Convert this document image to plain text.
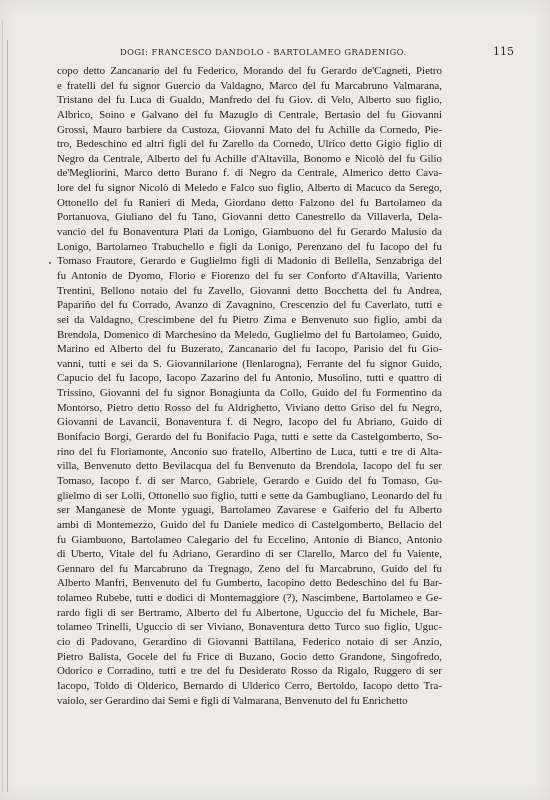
DOGI: FRANCESCO DANDOLO - BARTOLAMEO GRADENIGO.	115
copo detto Zancanario del fu Federico, Morando del fu Gerardo de'Cagneti, Pietro
e fratelli del fu signor Guercio da Valdagno, Marco del fu Marcabruno Valmarana,
Tristano del fu Luca di Gualdo, Manfredo del fu Giov. di Velo, Alberto suo figlio,
Albrico, Soino e Galvano del fu Mazuglo di Centrale, Bertasio del fu Giovanni
Grossi, Mauro barbiere da Custoza, Giovanni Mato del fu Achille da Cornedo, Pie-
tro, Bedeschino ed altri figli del fu Zarello da Cornedo, Ulrico detto Gigio figlio di
Negro da Centrale, Alberto del fu Achille d'Altavilla, Bonomo e Nicolò del fu Gilio
de'Megliorini, Marco detto Burano f. di Negro da Centrale, Almerico detto Cava-
lore del fu signor Nicolò di Meledo e Falco suo figlio, Alberto di Macuco da Serego,
Ottonello del fu Ranieri di Meda, Giordano detto Falzono del fu Bartolameo da
Portanuova, Giuliano del fu Tano, Giovanni detto Canestrello da Villaverla, Dela-
vancio del fu Bonaventura Plati da Lonigo, Giambuono del fu Gerardo Malusio da
Lonigo, Bartolameo Trabuchello e figli da Lonigo, Perenzano del fu Iacopo del fu
Tomaso Frautore, Gerardo e Guglielmo figli di Madonio di Bellella, Senzabriga del
fu Antonio de Dyomo, Florio e Fiorenzo del fu ser Conforto d'Altavilla, Variento
Trentini, Bellono notaio del fu Zavello, Giovanni detto Bocchetta del fu Andrea,
Papariño del fu Corrado, Avanzo di Zavagnino, Crescenzio del fu Caverlato, tutti e
sei da Valdagno, Crescimbene del fu Pietro Zima e Benvenuto suo figlio, ambi da
Brendola, Domenico di Marchesino da Meledo, Guglielmo del fu Bartolameo, Guido,
Marino ed Alberto del fu Buzerato, Zancanario del fu Iacopo, Parisio del fu Gio-
vanni, tutti e sei da S. Giovannilarione (Ilenlarogna), Ferrante del fu signor Guido,
Capucio del fu Iacopo, Iacopo Zazarino del fu Antonio, Musolino, tutti e quattro di
Trissino, Giovanni del fu signor Bonagiunta da Collo, Guido del fu Formentino da
Montorso, Pietro detto Rosso del fu Aldrighetto, Viviano detto Griso del fu Negro,
Giovanni de Lavancii, Bonaventura f. di Negro, Iacopo del fu Abriano, Guido di
Bonifacio Borgi, Gerardo del fu Bonifacio Paga, tutti e sette da Castelgomberto, So-
rino del fu Floriamonte, Anconio suo fratello, Albertino de Luca, tutti e tre di Alta-
villa, Benvenuto detto Bevilacqua del fu Benvenuto da Brendola, Iacopo del fu ser
Tomaso, Iacopo f. di ser Marco, Gabriele, Gerardo e Guido del fu Tomaso, Gu-
glielmo di ser Lolli, Ottonello suo figlio, tutti e sette da Gambugliano, Leonardo del fu
ser Manganese de Monte yguagi, Bartolameo Zavarese e Gaiferio del fu Alberto
ambi di Montemezzo, Guido del fu Daniele medico di Castelgomberto, Bellacio del
fu Giambuono, Bartolameo Calegario del fu Eccelino, Antonio di Bianco, Antonio
di Uberto, Vitale del fu Adriano, Gerardino di ser Clarello, Marco del fu Vaiente,
Gennaro del fu Marcabruno da Tregnago, Zeno del fu Marcabruno, Guido del fu
Alberto Manfri, Benvenuto del fu Gumberto, Iacopino detto Bedeschino del fu Bar-
tolameo Rubebe, tutti e dodici di Montemaggiore (?), Nascimbene, Bartolameo e Ge-
rardo figli di ser Bertramo, Alberto del fu Albertone, Uguccio del fu Michele, Bar-
tolameo Trinelli, Uguccio di ser Viviano, Bonaventura detto Turco suo figlio, Uguc-
cio di Padovano, Gerardino di Giovanni Battilana, Federico notaio di ser Anzio,
Pietro Balista, Gocele del fu Frice di Buzano, Gocio detto Grandone, Singofredo,
Odorico e Corradino, tutti e tre del fu Desiderato Rosso da Rigalo, Ruggero di ser
Iacopo, Toldo di Olderico, Bernardo di Ulderico Cerro, Bertoldo, Iacopo detto Tra-
vaiolo, ser Gerardino dai Semi e figli di Valmarana, Benvenuto del fu Enrichetto
